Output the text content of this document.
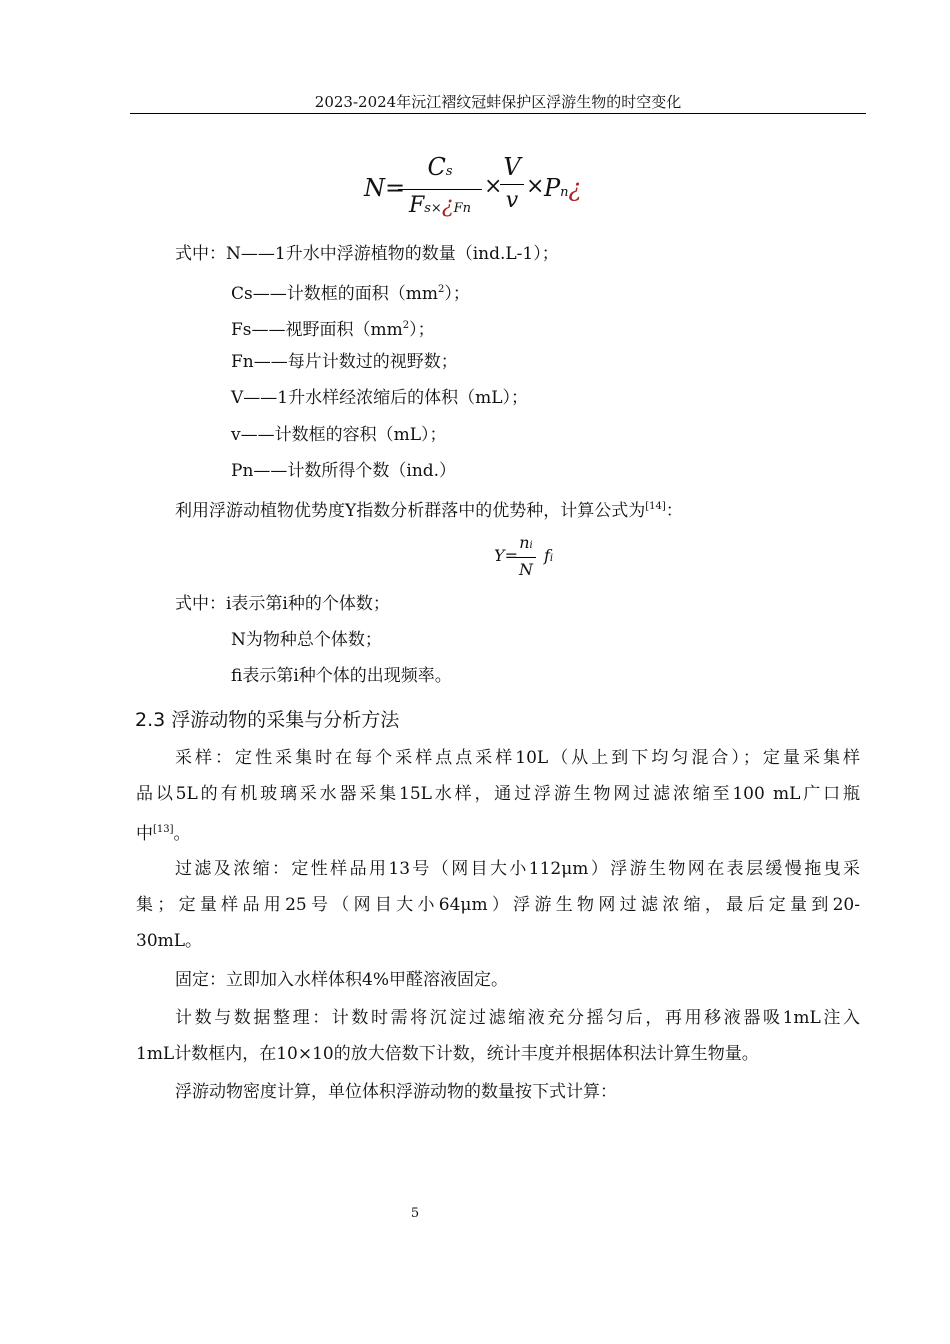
2023-2024年沅江褶纹冠蚌保护区浮游生物的时空变化
N=
Cs
Fs×¿Fn
×
V
v
× Pn¿
式中：N——1升水中浮游植物的数量（ind.L-1）；
Cs——计数框的面积$(mm^2)$；
Fs——视野面积$(mm^2)$；
Fn——每片计数过的视野数；
V——1升水样经浓缩后的体积（mL）；
v——计数框的容积（mL）；
Pn——计数所得个数（ind.）
利用浮游动植物优势度Y指数分析群落中的优势种，计算公式为[14]：
Y=
ni
N
fi
式中：i表示第i种的个体数；
N为物种总个体数；
fi表示第i种个体的出现频率。
2.3 浮游动物的采集与分析方法
采样：定性采集时在每个采样点点采样10L（从上到下均匀混合）；定量采集样
品以5L的有机玻璃采水器采集15L水样，通过浮游生物网过滤浓缩至100 mL广口瓶
中[13]。
过滤及浓缩：定性样品用13号（网目大小112μm）浮游生物网在表层缓慢拖曳采
集；定量样品用25号（网目大小64μm）浮游生物网过滤浓缩，最后定量到20-
30mL。
固定：立即加入水样体积4%甲醛溶液固定。
计数与数据整理：计数时需将沉淀过滤缩液充分摇匀后，再用移液器吸1mL注入
1mL计数框内，在10×10的放大倍数下计数，统计丰度并根据体积法计算生物量。
浮游动物密度计算，单位体积浮游动物的数量按下式计算：
5
